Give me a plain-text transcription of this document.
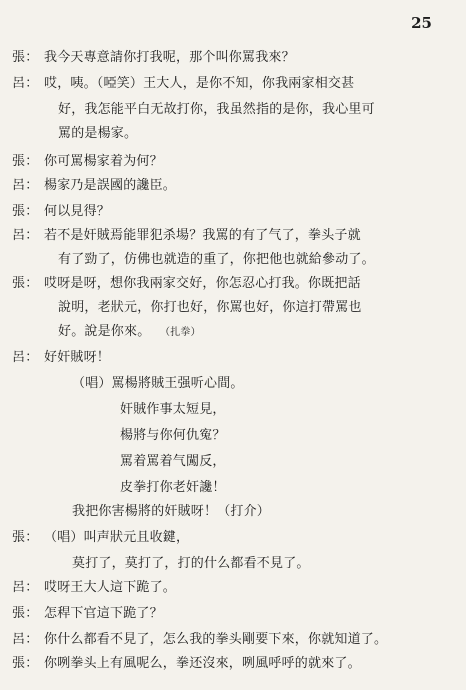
25
張： 我今天專意請你打我呢，那个叫你罵我來？
呂： 哎，咦。（啞笑）王大人，是你不知，你我兩家相交甚
好，我怎能平白无故打你，我虽然指的是你，我心里可
罵的是楊家。
張： 你可罵楊家着为何？
呂： 楊家乃是誤國的讒臣。
張： 何以見得？
呂： 若不是奸賊焉能罪犯杀場？我罵的有了气了，拳头子就
有了勁了，仿佛也就造的重了，你把他也就給參动了。
張： 哎呀是呀，想你我兩家交好，你怎忍心打我。你既把話
說明，老狀元，你打也好，你罵也好，你這打帶罵也
好。說是你來。 （扎拳）
呂： 好奸賊呀！
（唱）罵楊將賊王强听心間。
奸賊作事太短見，
楊將与你何仇寃？
罵着罵着气闖反，
皮拳打你老奸讒！
我把你害楊將的奸賊呀！（打介）
張： （唱）叫声狀元且收鍵，
莫打了，莫打了，打的什么都看不見了。
呂： 哎呀王大人這下跪了。
張： 怎稈下官這下跪了？
呂： 你什么都看不見了，怎么我的拳头剛要下來，你就知道了。
張： 你咧拳头上有風呢么，拳还沒來，咧風呼呼的就來了。
